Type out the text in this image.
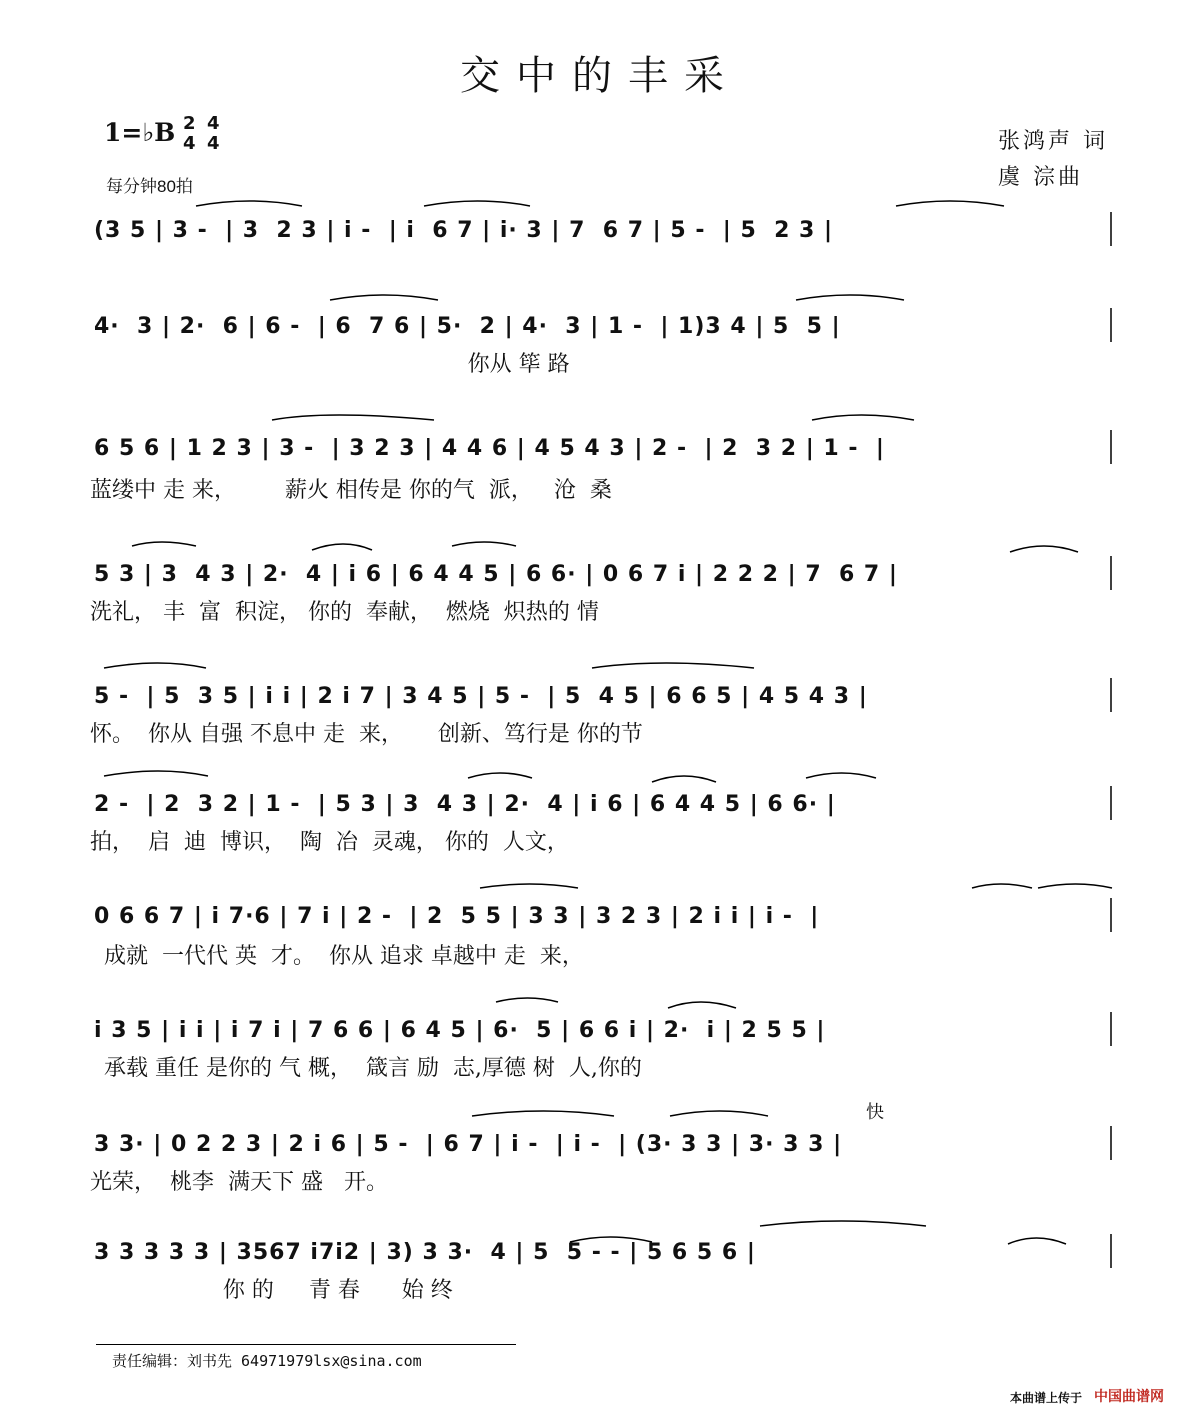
交中的丰采
1=♭B 2
4
4
4
每分钟80拍
张鸿声 词
虞 淙曲
(3 5 | 3 -  | 3  2 3 | i -  | i  6 7 | i· 3 | 7  6 7 | 5 -  | 5  2 3 |
4·  3 | 2·  6 | 6 -  | 6  7 6 | 5·  2 | 4·  3 | 1 -  | 1)3 4 | 5  5 |
你从 筚 路
6 5 6 | 1 2 3 | 3 -  | 3 2 3 | 4 4 6 | 4 5 4 3 | 2 -  | 2  3 2 | 1 -  |
蓝缕中 走 来，       薪火 相传是 你的气  派，   沧  桑
5 3 | 3  4 3 | 2·  4 | i 6 | 6 4 4 5 | 6 6· | 0 6 7 i | 2 2 2 | 7  6 7 |
洗礼， 丰  富  积淀， 你的  奉献，  燃烧  炽热的 情
5 -  | 5  3 5 | i i | 2 i 7 | 3 4 5 | 5 -  | 5  4 5 | 6 6 5 | 4 5 4 3 |
怀。  你从 自强 不息中 走  来，     创新、笃行是 你的节
2 -  | 2  3 2 | 1 -  | 5 3 | 3  4 3 | 2·  4 | i 6 | 6 4 4 5 | 6 6· |
拍，  启  迪  博识，  陶  冶  灵魂， 你的  人文，
0 6 6 7 | i 7·6 | 7 i | 2 -  | 2  5 5 | 3 3 | 3 2 3 | 2 i i | i -  |
成就  一代代 英  才。  你从 追求 卓越中 走  来，
i 3 5 | i i | i 7 i | 7 6 6 | 6 4 5 | 6·  5 | 6 6 i | 2·  i | 2 5 5 |
承载 重任 是你的 气 概，  箴言 励  志,厚德 树  人,你的
快
3 3· | 0 2 2 3 | 2 i 6 | 5 -  | 6 7 | i -  | i -  | (3· 3 3 | 3· 3 3 |
光荣，  桃李  满天下 盛   开。
3 3 3 3 3 | 3567 i7i2 | 3) 3 3·  4 | 5  5 - - | 5 6 5 6 |
你 的     青 春      始 终
责任编辑：刘书先 64971979lsx@sina.com
本曲谱上传于 中国曲谱网
